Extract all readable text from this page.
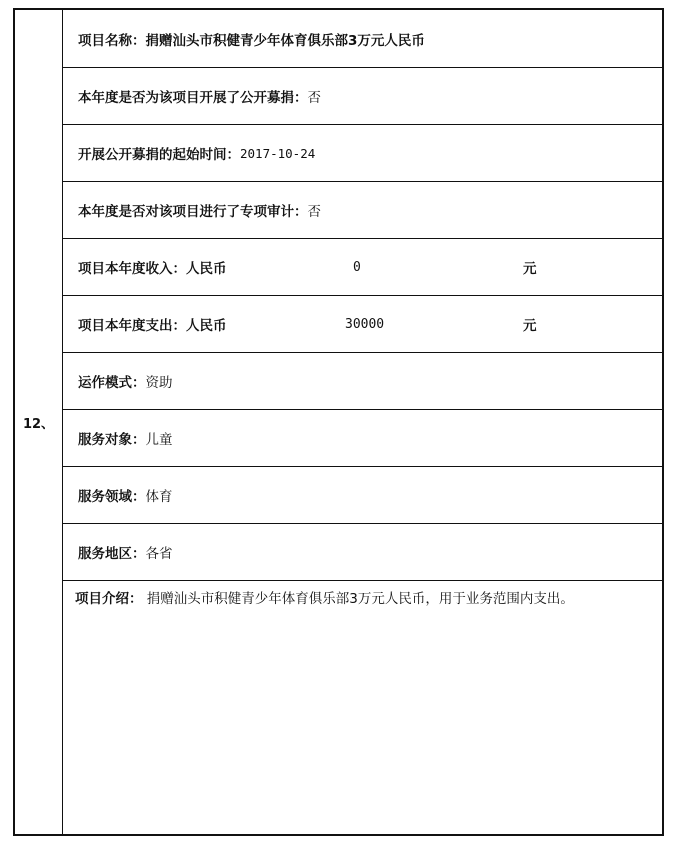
12、
项目名称： 捐赠汕头市积健青少年体育俱乐部3万元人民币
本年度是否为该项目开展了公开募捐： 否
开展公开募捐的起始时间： 2017-10-24
本年度是否对该项目进行了专项审计： 否
项目本年度收入：人民币	0	元
项目本年度支出：人民币	30000	元
运作模式： 资助
服务对象： 儿童
服务领域： 体育
服务地区： 各省
项目介绍： 捐赠汕头市积健青少年体育俱乐部3万元人民币，用于业务范围内支出。
